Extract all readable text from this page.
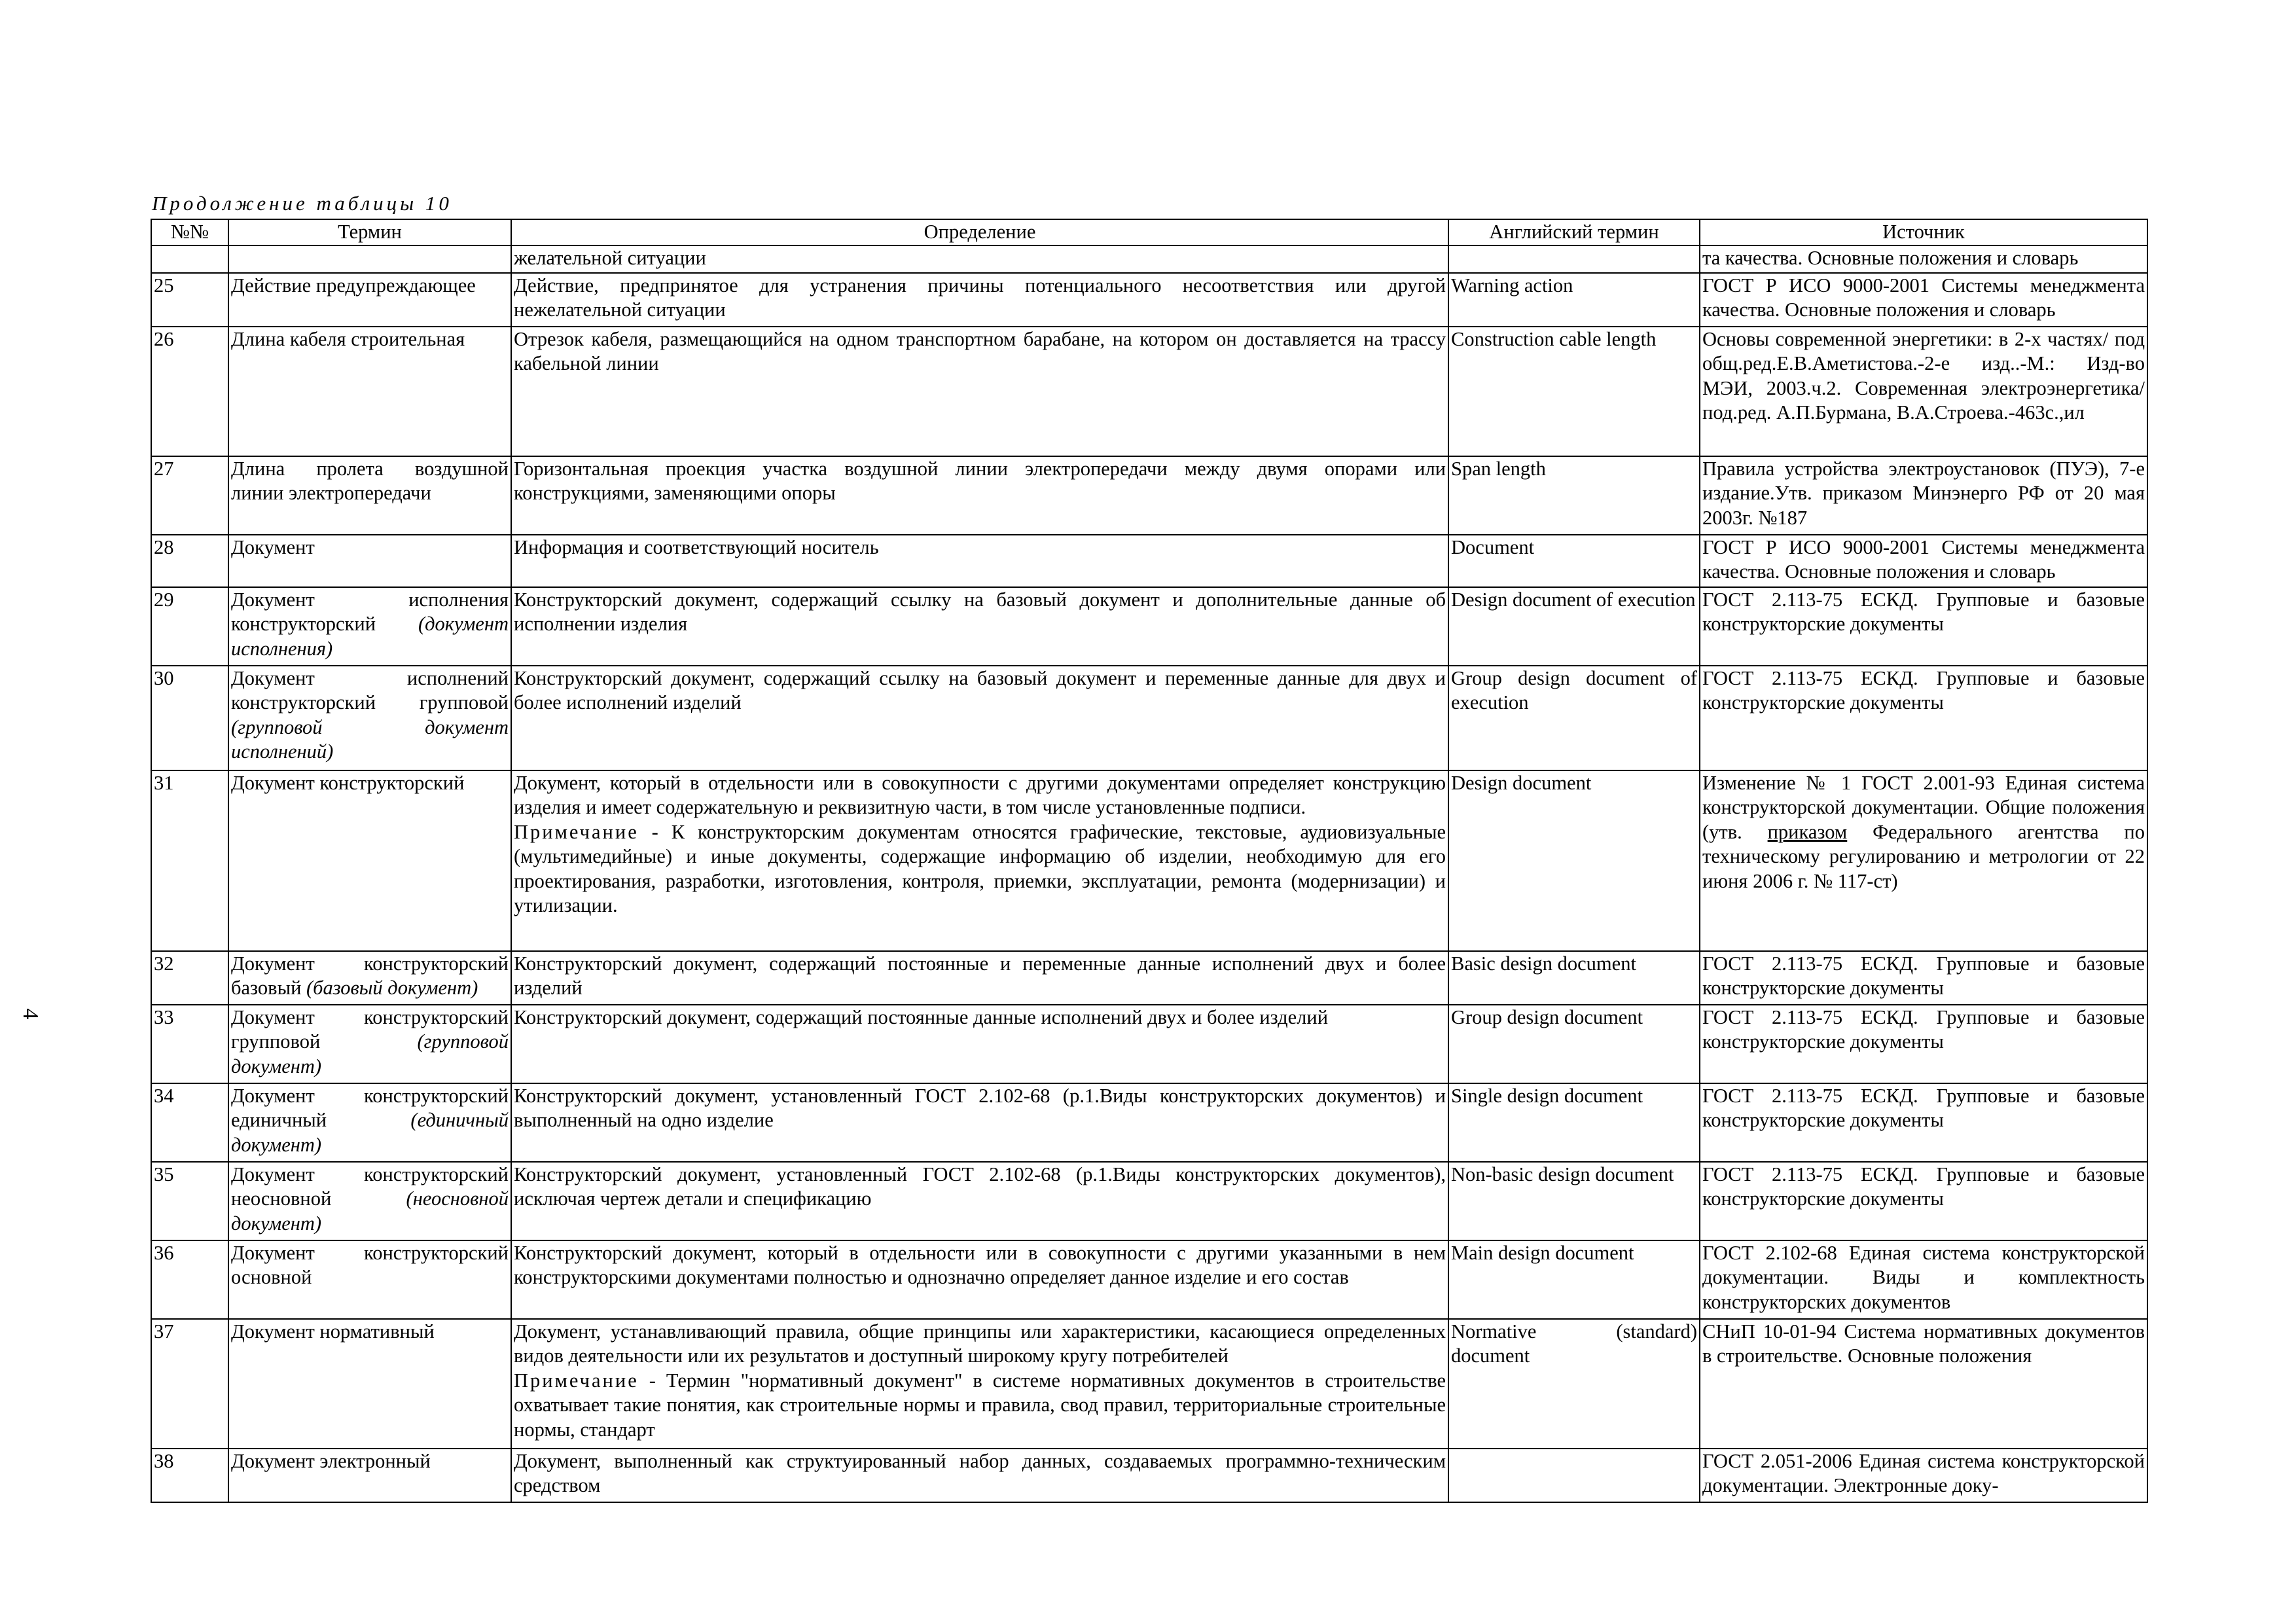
Продолжение таблицы 10
4
№№	Термин	Определение	Английский термин	Источник
		желательной ситуации		та качества. Основные положения и словарь
25	Действие предупреждающее	Действие, предпринятое для устранения причины потенциального несоответствия или другой нежелательной ситуации	Warning action	ГОСТ Р ИСО 9000-2001 Системы менеджмента качества. Основные положения и словарь
26	Длина кабеля строительная	Отрезок кабеля, размещающийся на одном транспортном барабане, на котором он доставляется на трассу кабельной линии	Construction cable length	Основы современной энергетики: в 2-х частях/ под общ.ред.Е.В.Аметистова.-2-е изд..-М.: Изд-во МЭИ, 2003.ч.2. Современная электроэнергетика/ под.ред. А.П.Бурмана, В.А.Строева.-463с.,ил
27	Длина пролета воздушной линии электропередачи	Горизонтальная проекция участка воздушной линии электропередачи между двумя опорами или конструкциями, заменяющими опоры	Span length	Правила устройства электроустановок (ПУЭ), 7-е издание.Утв. приказом Минэнерго РФ от 20 мая 2003г. №187
28	Документ	Информация и соответствующий носитель	Document	ГОСТ Р ИСО 9000-2001 Системы менеджмента качества. Основные положения и словарь
29	Документ исполнения конструкторский (документ исполнения)	Конструкторский документ, содержащий ссылку на базовый документ и дополнительные данные об исполнении изделия	Design document of execution	ГОСТ 2.113-75 ЕСКД. Групповые и базовые конструкторские документы
30	Документ исполнений конструкторский групповой (групповой документ исполнений)	Конструкторский документ, содержащий ссылку на базовый документ и переменные данные для двух и более исполнений изделий	Group design document of execution	ГОСТ 2.113-75 ЕСКД. Групповые и базовые конструкторские документы
31	Документ конструкторский	Документ, который в отдельности или в совокупности с другими документами определяет конструкцию изделия и имеет содержательную и реквизитную части, в том числе установленные подписи.
Примечание - К конструкторским документам относятся графические, текстовые, аудиовизуальные (мультимедийные) и иные документы, содержащие информацию об изделии, необходимую для его проектирования, разработки, изготовления, контроля, приемки, эксплуатации, ремонта (модернизации) и утилизации.	Design document	Изменение № 1 ГОСТ 2.001-93 Единая система конструкторской документации. Общие положения (утв. приказом Федерального агентства по техническому регулированию и метрологии от 22 июня 2006 г. № 117-ст)
32	Документ конструкторский базовый (базовый документ)	Конструкторский документ, содержащий постоянные и переменные данные исполнений двух и более изделий	Basic design document	ГОСТ 2.113-75 ЕСКД. Групповые и базовые конструкторские документы
33	Документ конструкторский групповой (групповой документ)	Конструкторский документ, содержащий постоянные данные исполнений двух и более изделий	Group design document	ГОСТ 2.113-75 ЕСКД. Групповые и базовые конструкторские документы
34	Документ конструкторский единичный (единичный документ)	Конструкторский документ, установленный ГОСТ 2.102-68 (р.1.Виды конструкторских документов) и выполненный на одно изделие	Single design document	ГОСТ 2.113-75 ЕСКД. Групповые и базовые конструкторские документы
35	Документ конструкторский неосновной (неосновной документ)	Конструкторский документ, установленный ГОСТ 2.102-68 (р.1.Виды конструкторских документов), исключая чертеж детали и спецификацию	Non-basic design document	ГОСТ 2.113-75 ЕСКД. Групповые и базовые конструкторские документы
36	Документ конструкторский основной	Конструкторский документ, который в отдельности или в совокупности с другими указанными в нем конструкторскими документами полностью и однозначно определяет данное изделие и его состав	Main design document	ГОСТ 2.102-68 Единая система конструкторской документации. Виды и комплектность конструкторских документов
37	Документ нормативный	Документ, устанавливающий правила, общие принципы или характеристики, касающиеся определенных видов деятельности или их результатов и доступный широкому кругу потребителей
Примечание - Термин "нормативный документ" в системе нормативных документов в строительстве охватывает такие понятия, как строительные нормы и правила, свод правил, территориальные строительные нормы, стандарт	Normative (standard) document	СНиП 10-01-94 Система нормативных документов в строительстве. Основные положения
38	Документ электронный	Документ, выполненный как структуированный набор данных, создаваемых программно-техническим средством		ГОСТ 2.051-2006 Единая система конструкторской документации. Электронные доку-
